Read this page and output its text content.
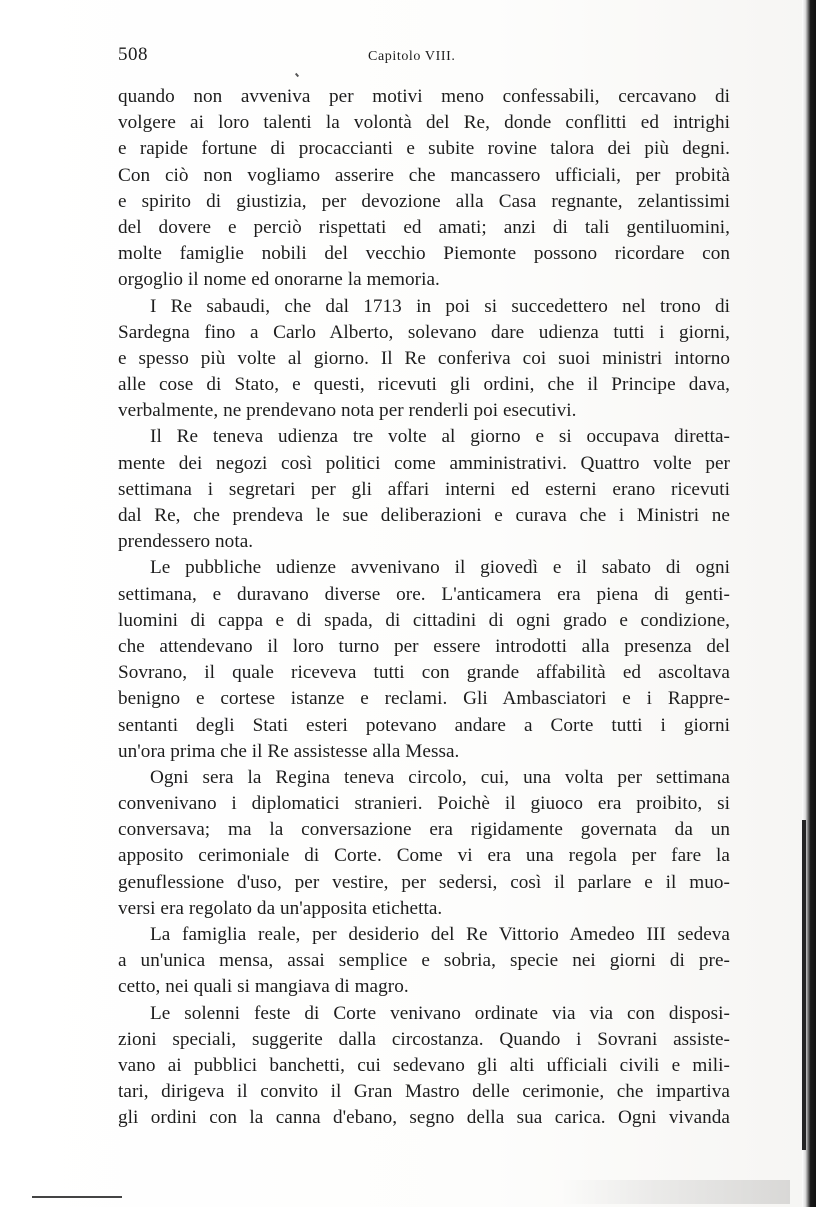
508	Capitolo VIII.
quando non avveniva per motivi meno confessabili, cercavano di
volgere ai loro talenti la volontà del Re, donde conflitti ed intrighi
e rapide fortune di procaccianti e subite rovine talora dei più degni.
Con ciò non vogliamo asserire che mancassero ufficiali, per probità
e spirito di giustizia, per devozione alla Casa regnante, zelantissimi
del dovere e perciò rispettati ed amati; anzi di tali gentiluomini,
molte famiglie nobili del vecchio Piemonte possono ricordare con
orgoglio il nome ed onorarne la memoria.
I Re sabaudi, che dal 1713 in poi si succedettero nel trono di
Sardegna fino a Carlo Alberto, solevano dare udienza tutti i giorni,
e spesso più volte al giorno. Il Re conferiva coi suoi ministri intorno
alle cose di Stato, e questi, ricevuti gli ordini, che il Principe dava,
verbalmente, ne prendevano nota per renderli poi esecutivi.
Il Re teneva udienza tre volte al giorno e si occupava diretta-
mente dei negozi così politici come amministrativi. Quattro volte per
settimana i segretari per gli affari interni ed esterni erano ricevuti
dal Re, che prendeva le sue deliberazioni e curava che i Ministri ne
prendessero nota.
Le pubbliche udienze avvenivano il giovedì e il sabato di ogni
settimana, e duravano diverse ore. L'anticamera era piena di genti-
luomini di cappa e di spada, di cittadini di ogni grado e condizione,
che attendevano il loro turno per essere introdotti alla presenza del
Sovrano, il quale riceveva tutti con grande affabilità ed ascoltava
benigno e cortese istanze e reclami. Gli Ambasciatori e i Rappre-
sentanti degli Stati esteri potevano andare a Corte tutti i giorni
un'ora prima che il Re assistesse alla Messa.
Ogni sera la Regina teneva circolo, cui, una volta per settimana
convenivano i diplomatici stranieri. Poichè il giuoco era proibito, si
conversava; ma la conversazione era rigidamente governata da un
apposito cerimoniale di Corte. Come vi era una regola per fare la
genuflessione d'uso, per vestire, per sedersi, così il parlare e il muo-
versi era regolato da un'apposita etichetta.
La famiglia reale, per desiderio del Re Vittorio Amedeo III sedeva
a un'unica mensa, assai semplice e sobria, specie nei giorni di pre-
cetto, nei quali si mangiava di magro.
Le solenni feste di Corte venivano ordinate via via con disposi-
zioni speciali, suggerite dalla circostanza. Quando i Sovrani assiste-
vano ai pubblici banchetti, cui sedevano gli alti ufficiali civili e mili-
tari, dirigeva il convito il Gran Mastro delle cerimonie, che impartiva
gli ordini con la canna d'ebano, segno della sua carica. Ogni vivanda
